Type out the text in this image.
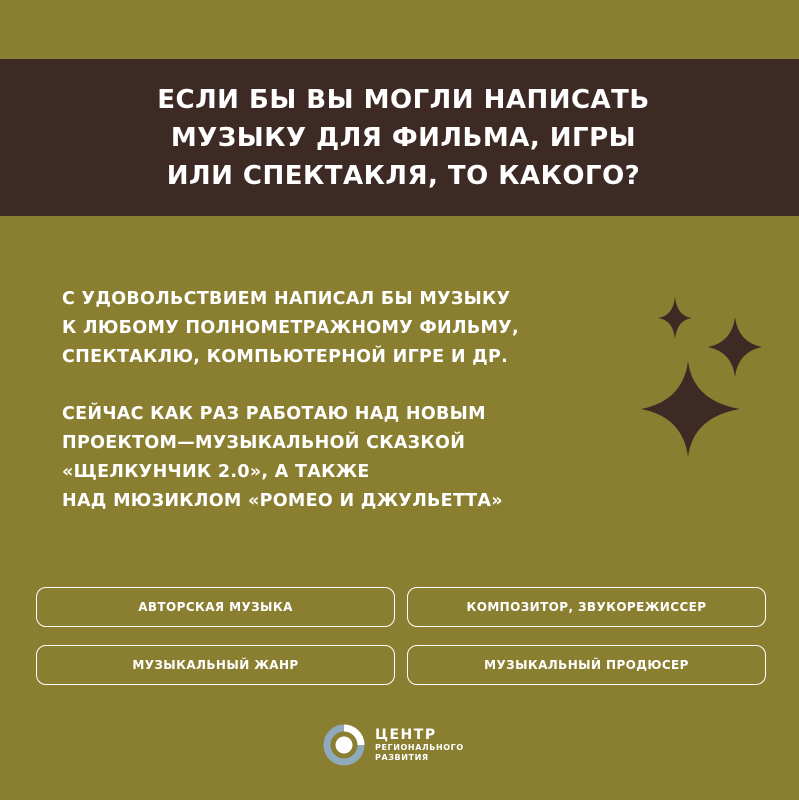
ЕСЛИ БЫ ВЫ МОГЛИ НАПИСАТЬ
МУЗЫКУ ДЛЯ ФИЛЬМА, ИГРЫ
ИЛИ СПЕКТАКЛЯ, ТО КАКОГО?

С УДОВОЛЬСТВИЕМ НАПИСАЛ БЫ МУЗЫКУ
К ЛЮБОМУ ПОЛНОМЕТРАЖНОМУ ФИЛЬМУ,
СПЕКТАКЛЮ, КОМПЬЮТЕРНОЙ ИГРЕ И ДР.

СЕЙЧАС КАК РАЗ РАБОТАЮ НАД НОВЫМ
ПРОЕКТОМ—МУЗЫКАЛЬНОЙ СКАЗКОЙ
«ЩЕЛКУНЧИК 2.0», А ТАКЖЕ
НАД МЮЗИКЛОМ «РОМЕО И ДЖУЛЬЕТТА»

АВТОРСКАЯ МУЗЫКА	КОМПОЗИТОР, ЗВУКОРЕЖИССЕР
МУЗЫКАЛЬНЫЙ ЖАНР	МУЗЫКАЛЬНЫЙ ПРОДЮСЕР
ЦЕНТР
РЕГИОНАЛЬНОГО
РАЗВИТИЯ
